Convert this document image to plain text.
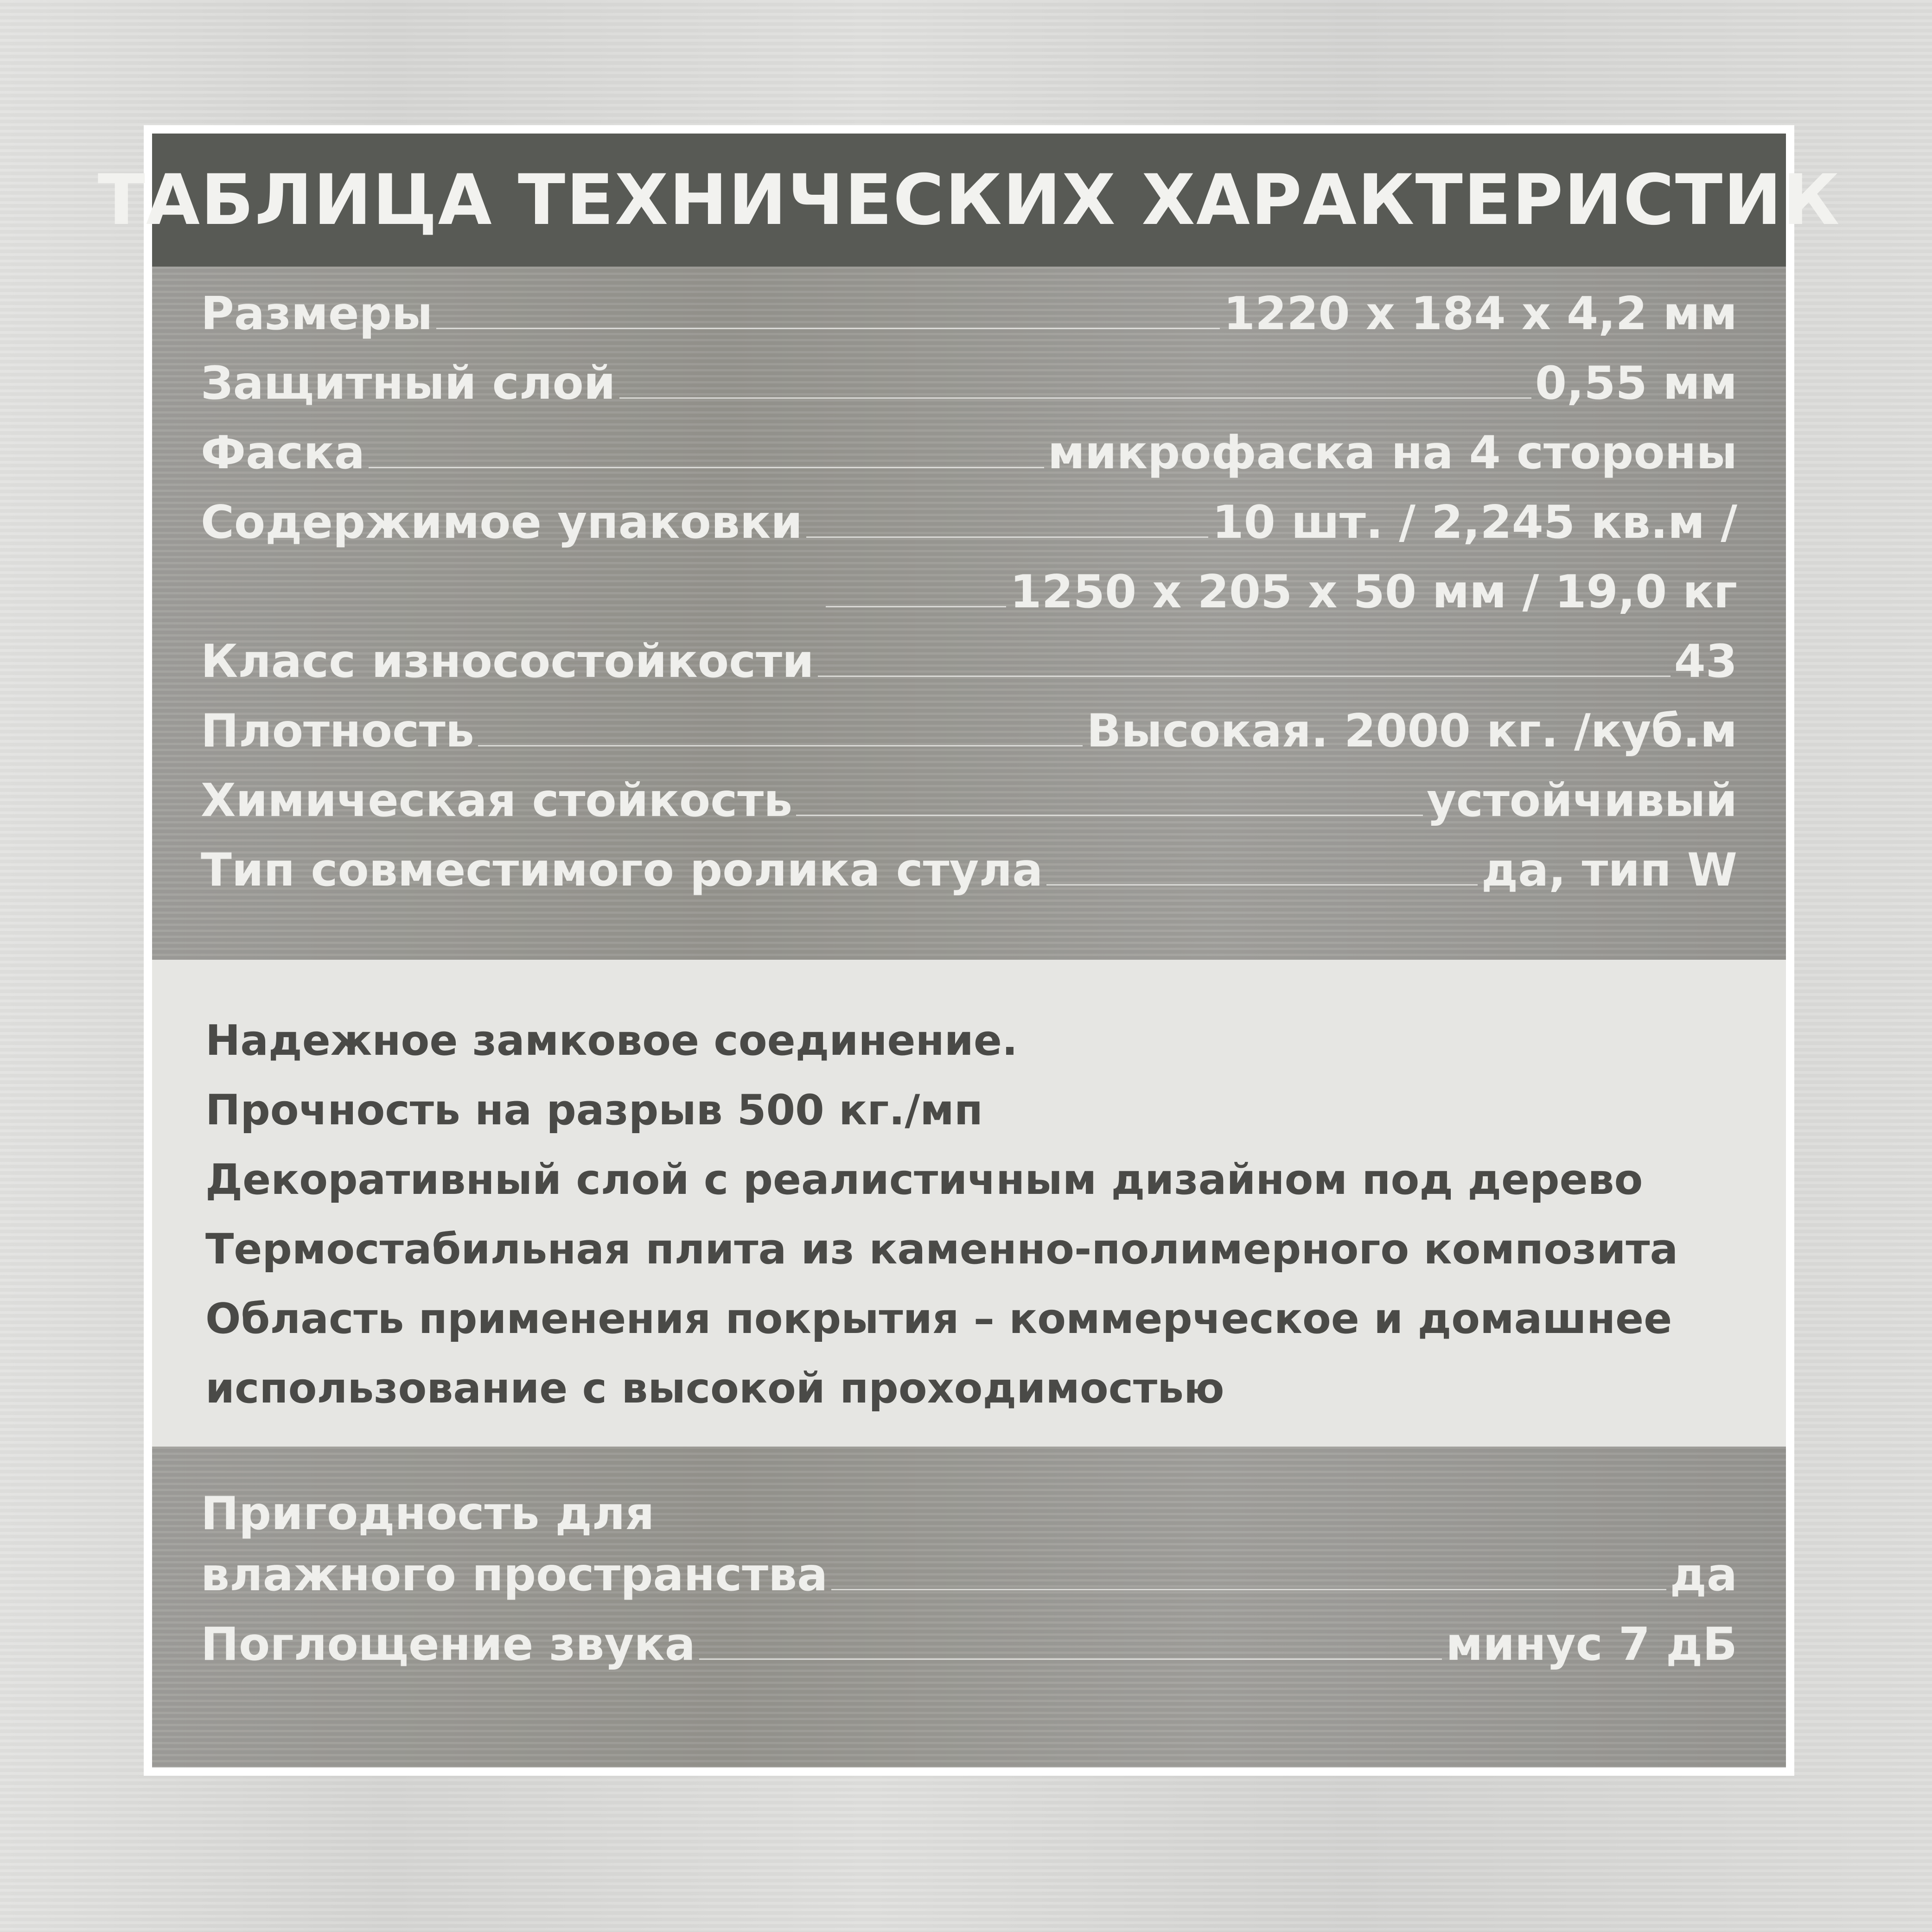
ТАБЛИЦА ТЕХНИЧЕСКИХ ХАРАКТЕРИСТИК
Размеры	1220 х 184 х 4,2 мм
Защитный слой	0,55 мм
Фаска	микрофаска на 4 стороны
Содержимое упаковки	10 шт. / 2,245 кв.м /
1250 х 205 х 50 мм / 19,0 кг
Класс износостойкости	43
Плотность	Высокая. 2000 кг. /куб.м
Химическая стойкость	устойчивый
Тип совместимого ролика стула	да, тип W
Надежное замковое соединение.
Прочность на разрыв 500 кг./мп
Декоративный слой с реалистичным дизайном под дерево
Термостабильная плита из каменно-полимерного композита
Область применения покрытия – коммерческое и домашнее
использование с высокой проходимостью
Пригодность для
влажного пространства	да
Поглощение звука	минус 7 дБ
